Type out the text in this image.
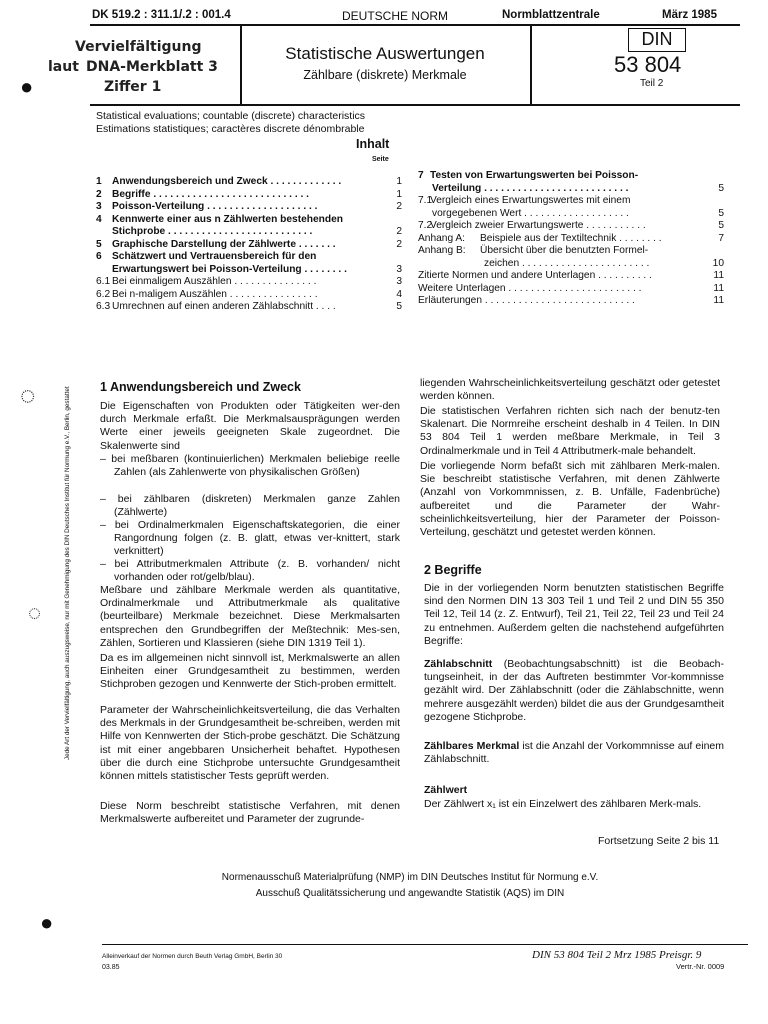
DK 519.2 : 311.1/.2 : 001.4	DEUTSCHE NORM	Normblattzentrale	März 1985
Vervielfältigung
laut DNA-Merkblatt 3
Ziffer 1
Statistische Auswertungen
Zählbare (diskrete) Merkmale
DIN
53 804
Teil 2
Statistical evaluations; countable (discrete) characteristics
Estimations statistiques; caractères discrete dénombrable
Inhalt
Seite
1 Anwendungsbereich und Zweck . . . . . . . . . . . . .	1
2 Begriffe . . . . . . . . . . . . . . . . . . . . . . . . . . . .	1
3 Poisson-Verteilung . . . . . . . . . . . . . . . . . . . .	2
4 Kennwerte einer aus n Zählwerten bestehenden
Stichprobe . . . . . . . . . . . . . . . . . . . . . . . . . .	2
5 Graphische Darstellung der Zählwerte . . . . . . .	2
6 Schätzwert und Vertrauensbereich für den
Erwartungswert bei Poisson-Verteilung . . . . . . . .	3
6.1 Bei einmaligem Auszählen . . . . . . . . . . . . . . .	3
6.2 Bei n-maligem Auszählen . . . . . . . . . . . . . . . .	4
6.3 Umrechnen auf einen anderen Zählabschnitt . . . .	5
7 Testen von Erwartungswerten bei Poisson-
Verteilung . . . . . . . . . . . . . . . . . . . . . . . . . .	5
7.1
Vergleich eines Erwartungswertes mit einem
vorgegebenen Wert . . . . . . . . . . . . . . . . . . .	5
7.2
Vergleich zweier Erwartungswerte . . . . . . . . . . .	5
Anhang A: Beispiele aus der Textiltechnik . . . . . . . .	7
Anhang B: Übersicht über die benutzten Formel-
zeichen . . . . . . . . . . . . . . . . . . . . . . .	10
Zitierte Normen und andere Unterlagen . . . . . . . . . .	11
Weitere Unterlagen . . . . . . . . . . . . . . . . . . . . . . . .	11
Erläuterungen . . . . . . . . . . . . . . . . . . . . . . . . . . .	11
1 Anwendungsbereich und Zweck
Die Eigenschaften von Produkten oder Tätigkeiten wer-den durch Merkmale erfaßt. Die Merkmalsausprägungen werden Werte einer jeweils geeigneten Skale zugeordnet. Die Skalenwerte sind
– bei meßbaren (kontinuierlichen) Merkmalen beliebige reelle Zahlen (als Zahlenwerte von physikalischen Größen)
– bei zählbaren (diskreten) Merkmalen ganze Zahlen (Zählwerte)
– bei Ordinalmerkmalen Eigenschaftskategorien, die einer Rangordnung folgen (z. B. glatt, etwas ver-knittert, stark verknittert)
– bei Attributmerkmalen Attribute (z. B. vorhanden/ nicht vorhanden oder rot/gelb/blau).
Meßbare und zählbare Merkmale werden als quantitative, Ordinalmerkmale und Attributmerkmale als qualitative (beurteilbare) Merkmale bezeichnet. Diese Merkmalsarten entsprechen den Grundbegriffen der Meßtechnik: Mes-sen, Zählen, Sortieren und Klassieren (siehe DIN 1319 Teil 1).
Da es im allgemeinen nicht sinnvoll ist, Merkmalswerte an allen Einheiten einer Grundgesamtheit zu bestimmen, werden Stichproben gezogen und Kennwerte der Stich-proben ermittelt.
Parameter der Wahrscheinlichkeitsverteilung, die das Verhalten des Merkmals in der Grundgesamtheit be-schreiben, werden mit Hilfe von Kennwerten der Stich-probe geschätzt. Die Schätzung ist mit einer angebbaren Unsicherheit behaftet. Hypothesen über die durch eine Stichprobe untersuchte Grundgesamtheit können mittels statistischer Tests geprüft werden.
Diese Norm beschreibt statistische Verfahren, mit denen Merkmalswerte aufbereitet und Parameter der zugrunde-
liegenden Wahrscheinlichkeitsverteilung geschätzt oder getestet werden können.
Die statistischen Verfahren richten sich nach der benutz-ten Skalenart. Die Normreihe erscheint deshalb in 4 Teilen. In DIN 53 804 Teil 1 werden meßbare Merkmale, in Teil 3 Ordinalmerkmale und in Teil 4 Attributmerk-male behandelt.
Die vorliegende Norm befaßt sich mit zählbaren Merk-malen. Sie beschreibt statistische Verfahren, mit denen Zählwerte (Anzahl von Vorkommnissen, z. B. Unfälle, Fadenbrüche) aufbereitet und die Parameter der Wahr-scheinlichkeitsverteilung, hier der Parameter der Poisson-Verteilung, geschätzt und getestet werden können.
2 Begriffe
Die in der vorliegenden Norm benutzten statistischen Begriffe sind den Normen DIN 13 303 Teil 1 und Teil 2 und DIN 55 350 Teil 12, Teil 14 (z. Z. Entwurf), Teil 21, Teil 22, Teil 23 und Teil 24 zu entnehmen. Außerdem gelten die nachstehend aufgeführten Begriffe:
Zählabschnitt (Beobachtungsabschnitt) ist die Beobach-tungseinheit, in der das Auftreten bestimmter Vor-kommnisse gezählt wird. Der Zählabschnitt (oder die Zählabschnitte, wenn mehrere ausgezählt werden) bildet die aus der Grundgesamtheit gezogene Stichprobe.
Zählbares Merkmal ist die Anzahl der Vorkommnisse auf einem Zählabschnitt.
Zählwert
Der Zählwert x₁ ist ein Einzelwert des zählbaren Merk-mals.
Fortsetzung Seite 2 bis 11
Normenausschuß Materialprüfung (NMP) im DIN Deutsches Institut für Normung e.V.
Ausschuß Qualitätssicherung und angewandte Statistik (AQS) im DIN
Alleinverkauf der Normen durch Beuth Verlag GmbH, Berlin 30
03.85
DIN 53 804 Teil 2 Mrz 1985 Preisgr. 9
Vertr.-Nr. 0009
Jede Art der Vervielfältigung, auch auszugsweise, nur mit Genehmigung des DIN Deutsches Institut für Normung e.V., Berlin, gestattet
●
◌
◌
●
